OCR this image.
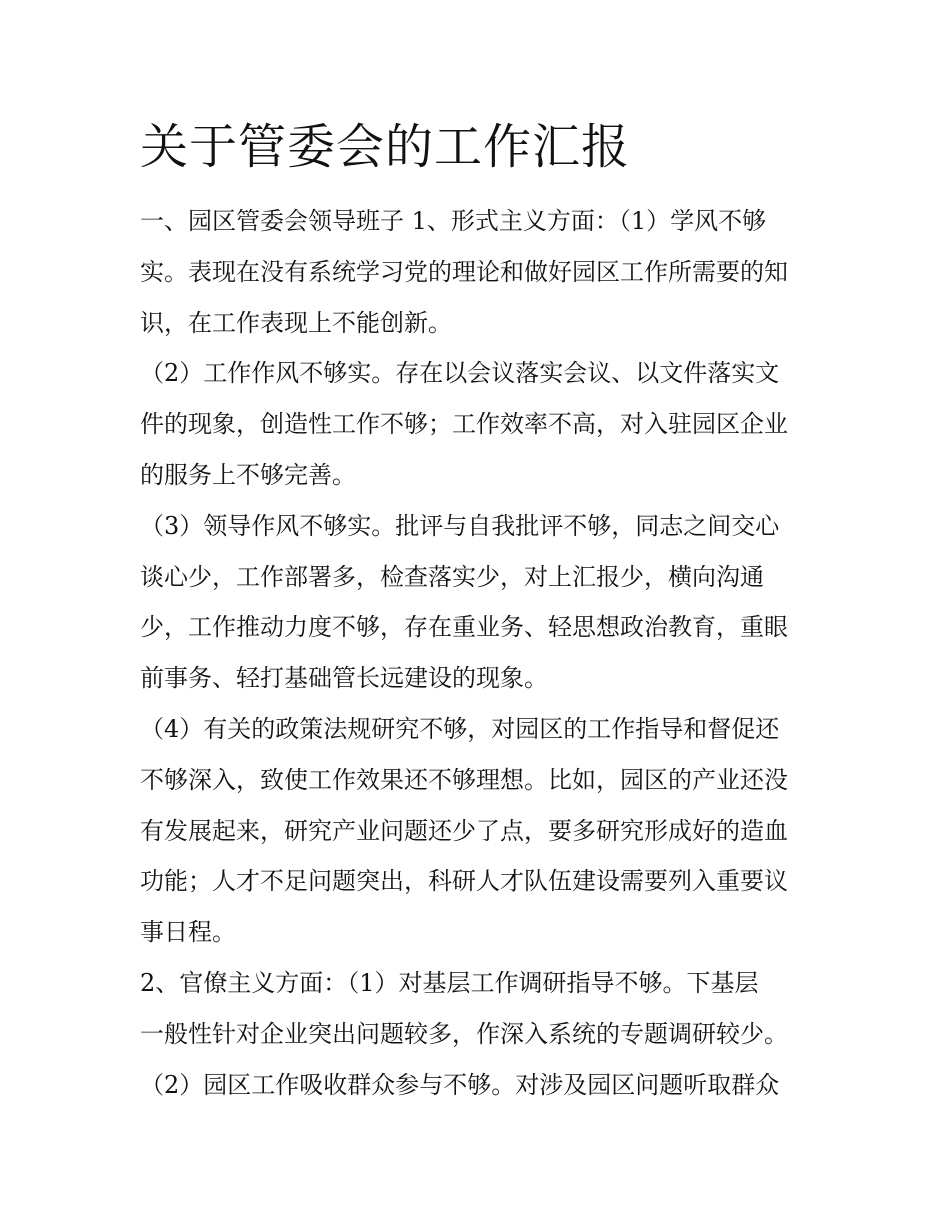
关于管委会的工作汇报
一、园区管委会领导班子 1、形式主义方面：（1）学风不够
实。表现在没有系统学习党的理论和做好园区工作所需要的知
识，在工作表现上不能创新。
（2）工作作风不够实。存在以会议落实会议、以文件落实文
件的现象，创造性工作不够；工作效率不高，对入驻园区企业
的服务上不够完善。
（3）领导作风不够实。批评与自我批评不够，同志之间交心
谈心少，工作部署多，检查落实少，对上汇报少，横向沟通
少，工作推动力度不够，存在重业务、轻思想政治教育，重眼
前事务、轻打基础管长远建设的现象。
（4）有关的政策法规研究不够，对园区的工作指导和督促还
不够深入，致使工作效果还不够理想。比如，园区的产业还没
有发展起来，研究产业问题还少了点，要多研究形成好的造血
功能；人才不足问题突出，科研人才队伍建设需要列入重要议
事日程。
2、官僚主义方面：（1）对基层工作调研指导不够。下基层
一般性针对企业突出问题较多，作深入系统的专题调研较少。
（2）园区工作吸收群众参与不够。对涉及园区问题听取群众
